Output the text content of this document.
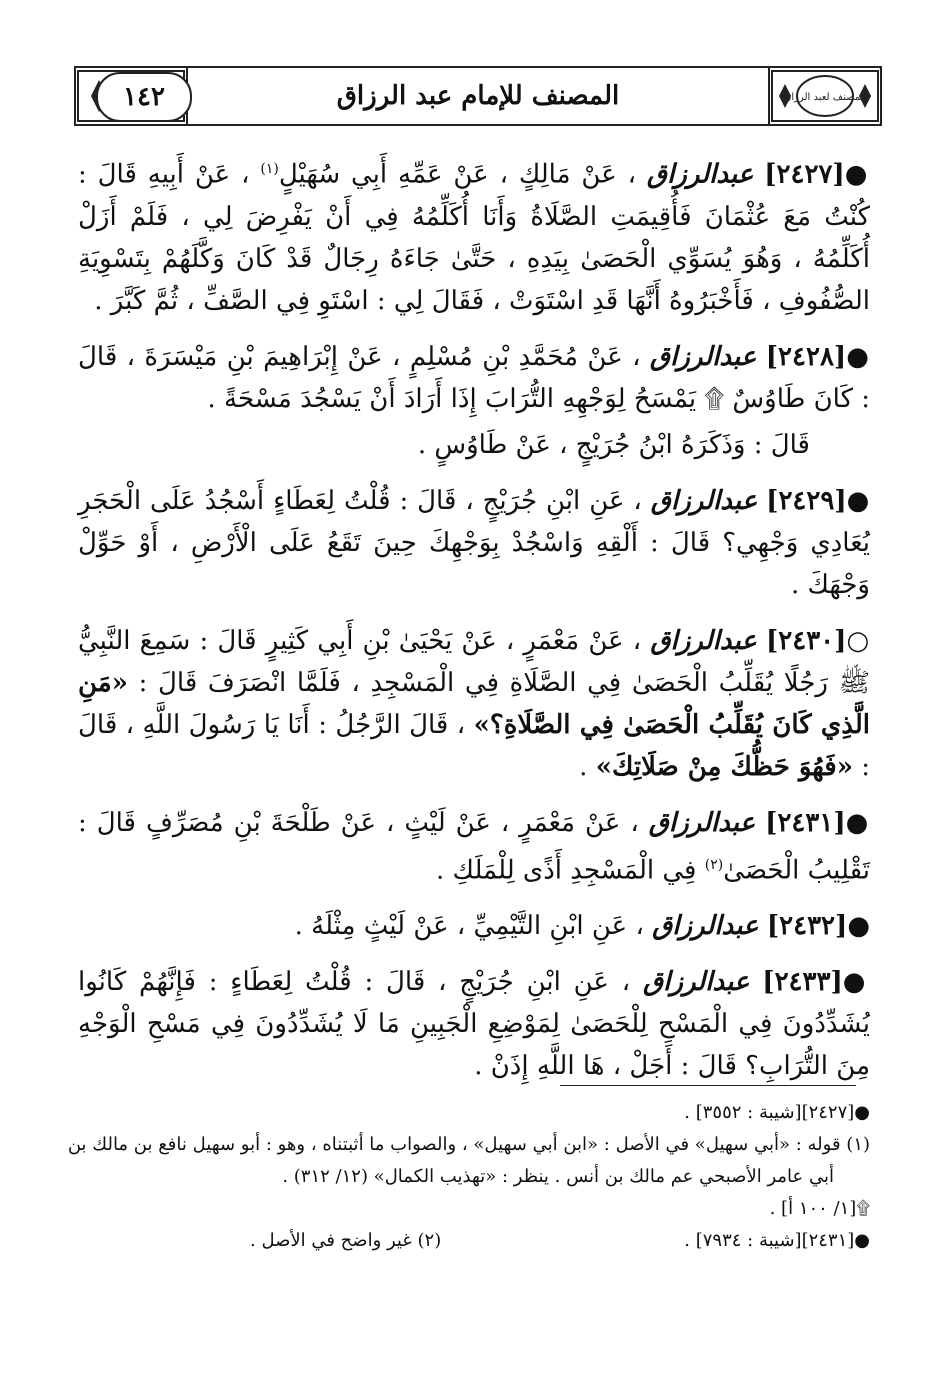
المصنف للإمام عبد الرزاق	المصنف لعبد الرزاق
١٤٢
●[٢٤٢٧] عبدالرزاق ، عَنْ مَالِكٍ ، عَنْ عَمِّهِ أَبِي سُهَيْلٍ$^{(١)}$ ، عَنْ أَبِيهِ قَالَ : كُنْتُ مَعَ عُثْمَانَ فَأُقِيمَتِ الصَّلَاةُ وَأَنَا أُكَلِّمُهُ فِي أَنْ يَفْرِضَ لِي ، فَلَمْ أَزَلْ أُكَلِّمُهُ ، وَهُوَ يُسَوِّي الْحَصَىٰ بِيَدِهِ ، حَتَّىٰ جَاءَهُ رِجَالٌ قَدْ كَانَ وَكَّلَهُمْ بِتَسْوِيَةِ الصُّفُوفِ ، فَأَخْبَرُوهُ أَنَّهَا قَدِ اسْتَوَتْ ، فَقَالَ لِي : اسْتَوِ فِي الصَّفِّ ، ثُمَّ كَبَّرَ .
●[٢٤٢٨] عبدالرزاق ، عَنْ مُحَمَّدِ بْنِ مُسْلِمٍ ، عَنْ إِبْرَاهِيمَ بْنِ مَيْسَرَةَ ، قَالَ : كَانَ طَاوُسٌ ۩ يَمْسَحُ لِوَجْهِهِ التُّرَابَ إِذَا أَرَادَ أَنْ يَسْجُدَ مَسْحَةً .
قَالَ : وَذَكَرَهُ ابْنُ جُرَيْجٍ ، عَنْ طَاوُسٍ .
●[٢٤٢٩] عبدالرزاق ، عَنِ ابْنِ جُرَيْجٍ ، قَالَ : قُلْتُ لِعَطَاءٍ أَسْجُدُ عَلَى الْحَجَرِ يُعَادِي وَجْهِي؟ قَالَ : أَلْقِهِ وَاسْجُدْ بِوَجْهِكَ حِينَ تَقَعُ عَلَى الْأَرْضِ ، أَوْ حَوِّلْ وَجْهَكَ .
○[٢٤٣٠] عبدالرزاق ، عَنْ مَعْمَرٍ ، عَنْ يَحْيَىٰ بْنِ أَبِي كَثِيرٍ قَالَ : سَمِعَ النَّبِيُّ ﷺ رَجُلًا يُقَلِّبُ الْحَصَىٰ فِي الصَّلَاةِ فِي الْمَسْجِدِ ، فَلَمَّا انْصَرَفَ قَالَ : «مَنِ الَّذِي كَانَ يُقَلِّبُ الْحَصَىٰ فِي الصَّلَاةِ؟» ، قَالَ الرَّجُلُ : أَنَا يَا رَسُولَ اللَّهِ ، قَالَ : «فَهُوَ حَظُّكَ مِنْ صَلَاتِكَ» .
●[٢٤٣١] عبدالرزاق ، عَنْ مَعْمَرٍ ، عَنْ لَيْثٍ ، عَنْ طَلْحَةَ بْنِ مُصَرِّفٍ قَالَ : تَقْلِيبُ الْحَصَىٰ$^{(٢)}$ فِي الْمَسْجِدِ أَذًى لِلْمَلَكِ .
●[٢٤٣٢] عبدالرزاق ، عَنِ ابْنِ التَّيْمِيِّ ، عَنْ لَيْثٍ مِثْلَهُ .
●[٢٤٣٣] عبدالرزاق ، عَنِ ابْنِ جُرَيْجٍ ، قَالَ : قُلْتُ لِعَطَاءٍ : فَإِنَّهُمْ كَانُوا يُشَدِّدُونَ فِي الْمَسْحِ لِلْحَصَىٰ لِمَوْضِعِ الْجَبِينِ مَا لَا يُشَدِّدُونَ فِي مَسْحِ الْوَجْهِ مِنَ التُّرَابِ؟ قَالَ : أَجَلْ ، هَا اللَّهِ إِذَنْ .
●[٢٤٢٧][شيبة : ٣٥٥٢] .
(١) قوله : «أبي سهيل» في الأصل : «ابن أبي سهيل» ، والصواب ما أثبتناه ، وهو : أبو سهيل نافع بن مالك بن
أبي عامر الأصبحي عم مالك بن أنس . ينظر : «تهذيب الكمال» (١٢/ ٣١٢) .
۩[١/ ١٠٠ أ] .
●[٢٤٣١][شيبة : ٧٩٣٤] .
(٢) غير واضح في الأصل .
